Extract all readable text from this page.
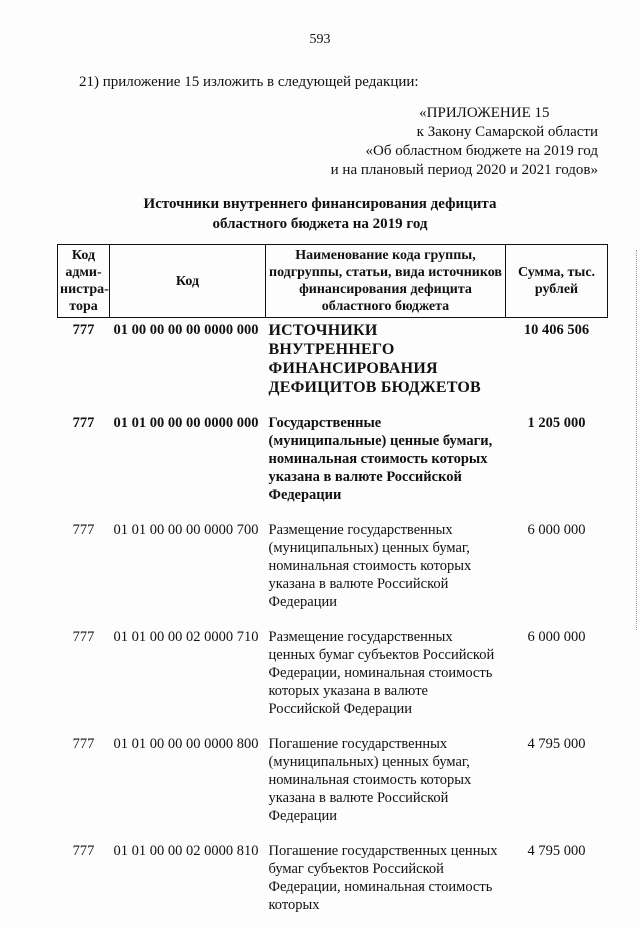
593
21) приложение 15 изложить в следующей редакции:
«ПРИЛОЖЕНИЕ 15
к Закону Самарской области
«Об областном бюджете на 2019 год
и на плановый период 2020 и 2021 годов»
Источники внутреннего финансирования дефицита
областного бюджета на 2019 год
Код адми-нистра-тора	Код	Наименование кода группы, подгруппы, статьи, вида источников финансирования дефицита областного бюджета	Сумма, тыс. рублей
777	01 00 00 00 00 0000 000	ИСТОЧНИКИ ВНУТРЕННЕГО ФИНАНСИРОВАНИЯ ДЕФИЦИТОВ БЮДЖЕТОВ	10 406 506
777	01 01 00 00 00 0000 000	Государственные (муниципальные) ценные бумаги, номинальная стоимость которых указана в валюте Российской Федерации	1 205 000
777	01 01 00 00 00 0000 700	Размещение государственных (муниципальных) ценных бумаг, номинальная стоимость которых указана в валюте Российской Федерации	6 000 000
777	01 01 00 00 02 0000 710	Размещение государственных ценных бумаг субъектов Российской Федерации, номинальная стоимость которых указана в валюте Российской Федерации	6 000 000
777	01 01 00 00 00 0000 800	Погашение государственных (муниципальных) ценных бумаг, номинальная стоимость которых указана в валюте Российской Федерации	4 795 000
777	01 01 00 00 02 0000 810	Погашение государственных ценных бумаг субъектов Российской Федерации, номинальная стоимость которых	4 795 000
